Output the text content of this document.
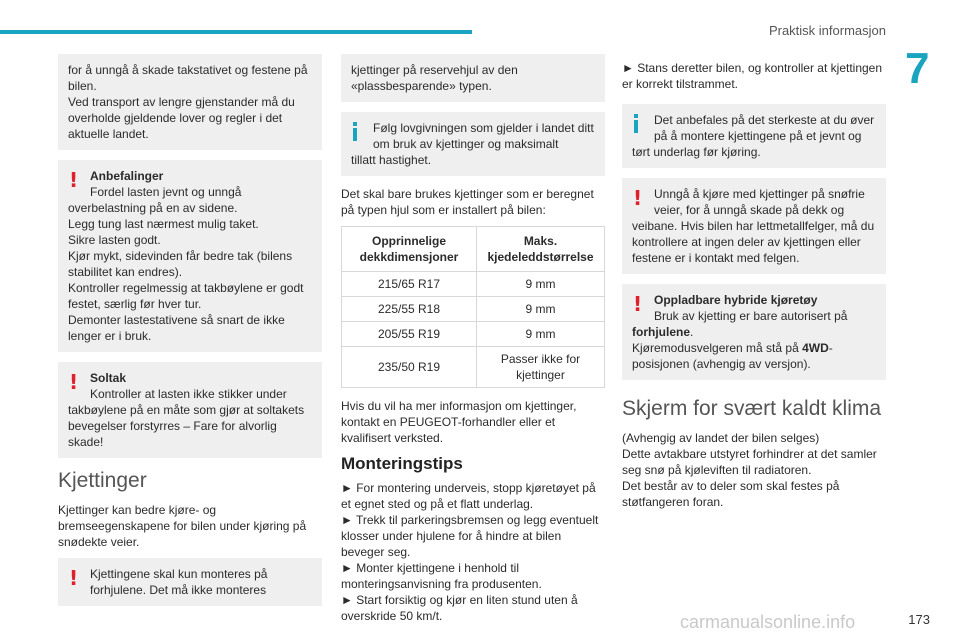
Praktisk informasjon
7

for å unngå å skade takstativet og festene på bilen.
Ved transport av lengre gjenstander må du overholde gjeldende lover og regler i det aktuelle landet.

! Anbefalinger

Fordel lasten jevnt og unngå

overbelastning på en av sidene.
Legg tung last nærmest mulig taket.
Sikre lasten godt.
Kjør mykt, sidevinden får bedre tak (bilens stabilitet kan endres).
Kontroller regelmessig at takbøylene er godt festet, særlig før hver tur.
Demonter lastestativene så snart de ikke lenger er i bruk.

! Soltak

Kontroller at lasten ikke stikker under

takbøylene på en måte som gjør at soltakets bevegelser forstyrres – Fare for alvorlig skade!

Kjettinger

Kjettinger kan bedre kjøre- og bremseegenskapene for bilen under kjøring på snødekte veier.

! Kjettingene skal kun monteres på forhjulene. Det må ikke monteres

kjettinger på reservehjul av den «plassbesparende» typen.

Følg lovgivningen som gjelder i landet ditt om bruk av kjettinger og maksimalt

tillatt hastighet.

Det skal bare brukes kjettinger som er beregnet på typen hjul som er installert på bilen:

Opprinnelige dekkdimensjoner	Maks. kjedeleddstørrelse
215/65 R17	9 mm
225/55 R18	9 mm
205/55 R19	9 mm
235/50 R19	Passer ikke for kjettinger

Hvis du vil ha mer informasjon om kjettinger, kontakt en PEUGEOT-forhandler eller et kvalifisert verksted.

Monteringstips

► For montering underveis, stopp kjøretøyet på et egnet sted og på et flatt underlag.

► Trekk til parkeringsbremsen og legg eventuelt klosser under hjulene for å hindre at bilen beveger seg.

► Monter kjettingene i henhold til monteringsanvisning fra produsenten.

► Start forsiktig og kjør en liten stund uten å overskride 50 km/t.

► Stans deretter bilen, og kontroller at kjettingen er korrekt tilstrammet.

Det anbefales på det sterkeste at du øver på å montere kjettingene på et jevnt og

tørt underlag før kjøring.

! Unngå å kjøre med kjettinger på snøfrie veier, for å unngå skade på dekk og

veibane. Hvis bilen har lettmetallfelger, må du kontrollere at ingen deler av kjettingen eller festene er i kontakt med felgen.

! Oppladbare hybride kjøretøy

Bruk av kjetting er bare autorisert på

forhjulene.

Kjøremodusvelgeren må stå på 4WD-posisjonen (avhengig av versjon).

Skjerm for svært kaldt klima

(Avhengig av landet der bilen selges)
Dette avtakbare utstyret forhindrer at det samler seg snø på kjøleviften til radiatoren.
Det består av to deler som skal festes på støtfangeren foran.

carmanualsonline.info	173
